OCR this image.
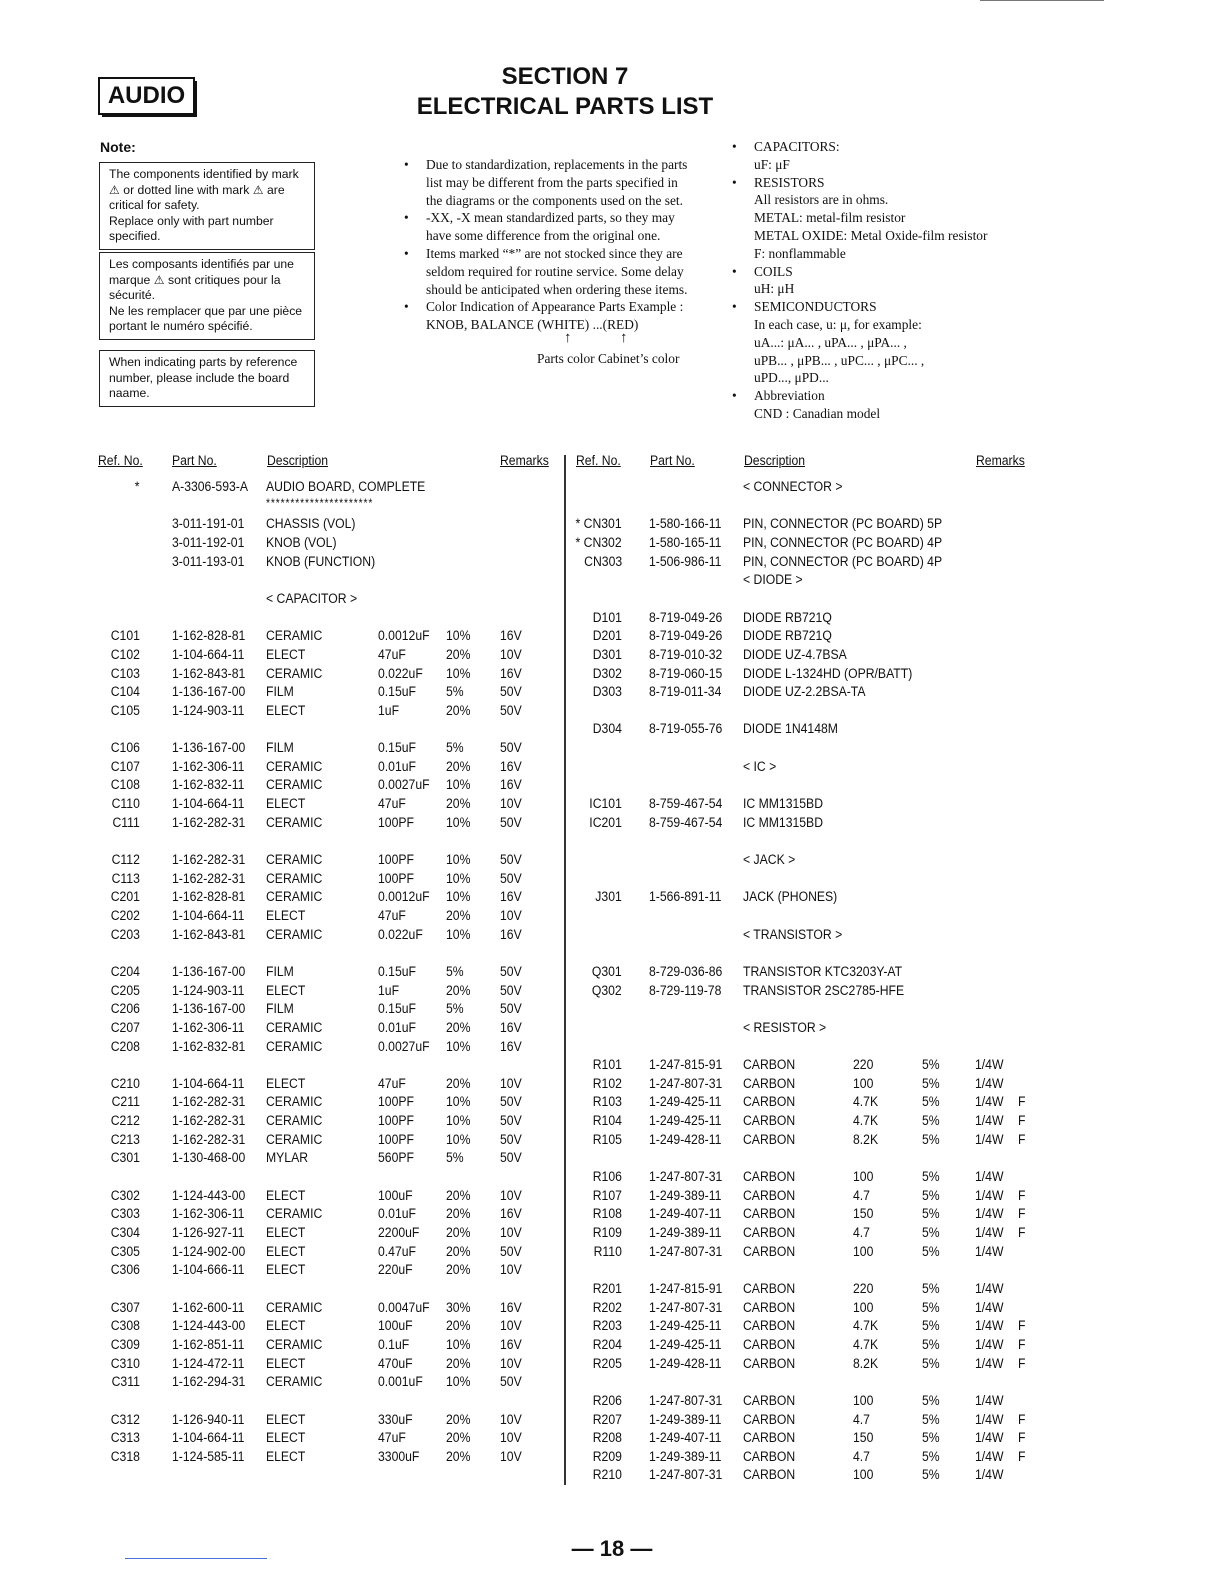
AUDIO
SECTION 7
ELECTRICAL PARTS LIST
Note:
The components identified by mark
⚠ or dotted line with mark ⚠ are
critical for safety.
Replace only with part number
specified.
Les composants identifiés par une
marque ⚠ sont critiques pour la
sécurité.
Ne les remplacer que par une pièce
portant le numéro spécifié.
When indicating parts by reference
number, please include the board
naame.
• Due to standardization, replacements in the parts
list may be different from the parts specified in
the diagrams or the components used on the set.
• -XX, -X mean standardized parts, so they may
have some difference from the original one.
• Items marked “*” are not stocked since they are
seldom required for routine service. Some delay
should be anticipated when ordering these items.
• Color Indication of Appearance Parts Example :
KNOB, BALANCE (WHITE) ...(RED)
↑	↑
Parts color Cabinet’s color
• CAPACITORS:
uF: μF
• RESISTORS
All resistors are in ohms.
METAL: metal-film resistor
METAL OXIDE: Metal Oxide-film resistor
F: nonflammable
• COILS
uH: μH
• SEMICONDUCTORS
In each case, u: μ, for example:
uA...: μA... , uPA... , μPA... ,
uPB... , μPB... , uPC... , μPC... ,
uPD..., μPD...
• Abbreviation
CND : Canadian model
Ref. No. Part No.	Description	Remarks Ref. No. Part No.	Description	Remarks
* A-3306-593-A AUDIO BOARD, COMPLETE
**********************
3-011-191-01 CHASSIS (VOL)
3-011-192-01 KNOB (VOL)
3-011-193-01 KNOB (FUNCTION)
< CAPACITOR >
C101 1-162-828-81 CERAMIC	0.0012uF 10% 16V
C102 1-104-664-11 ELECT	47uF	20% 10V
C103 1-162-843-81 CERAMIC	0.022uF 10% 16V
C104 1-136-167-00 FILM	0.15uF 5%	50V
C105 1-124-903-11 ELECT	1uF	20% 50V
C106 1-136-167-00 FILM	0.15uF 5%	50V
C107 1-162-306-11 CERAMIC	0.01uF 20% 16V
C108 1-162-832-11 CERAMIC	0.0027uF 10% 16V
C110 1-104-664-11 ELECT	47uF	20% 10V
C111 1-162-282-31 CERAMIC	100PF 10% 50V
C112 1-162-282-31 CERAMIC	100PF 10% 50V
C113 1-162-282-31 CERAMIC	100PF 10% 50V
C201 1-162-828-81 CERAMIC	0.0012uF 10% 16V
C202 1-104-664-11 ELECT	47uF	20% 10V
C203 1-162-843-81 CERAMIC	0.022uF 10% 16V
C204 1-136-167-00 FILM	0.15uF 5%	50V
C205 1-124-903-11 ELECT	1uF	20% 50V
C206 1-136-167-00 FILM	0.15uF 5%	50V
C207 1-162-306-11 CERAMIC	0.01uF 20% 16V
C208 1-162-832-81 CERAMIC	0.0027uF 10% 16V
C210 1-104-664-11 ELECT	47uF	20% 10V
C211 1-162-282-31 CERAMIC	100PF 10% 50V
C212 1-162-282-31 CERAMIC	100PF 10% 50V
C213 1-162-282-31 CERAMIC	100PF 10% 50V
C301 1-130-468-00 MYLAR	560PF 5%	50V
C302 1-124-443-00 ELECT	100uF 20% 10V
C303 1-162-306-11 CERAMIC	0.01uF 20% 16V
C304 1-126-927-11 ELECT	2200uF 20% 10V
C305 1-124-902-00 ELECT	0.47uF 20% 50V
C306 1-104-666-11 ELECT	220uF 20% 10V
C307 1-162-600-11 CERAMIC	0.0047uF 30% 16V
C308 1-124-443-00 ELECT	100uF 20% 10V
C309 1-162-851-11 CERAMIC	0.1uF	10% 16V
C310 1-124-472-11 ELECT	470uF 20% 10V
C311 1-162-294-31 CERAMIC	0.001uF 10% 50V
C312 1-126-940-11 ELECT	330uF 20% 10V
C313 1-104-664-11 ELECT	47uF	20% 10V
C318 1-124-585-11 ELECT	3300uF 20% 10V
< CONNECTOR >
* CN301 1-580-166-11 PIN, CONNECTOR (PC BOARD) 5P
* CN302 1-580-165-11 PIN, CONNECTOR (PC BOARD) 4P
CN303 1-506-986-11 PIN, CONNECTOR (PC BOARD) 4P
< DIODE >
D101 8-719-049-26 DIODE RB721Q
D201 8-719-049-26 DIODE RB721Q
D301 8-719-010-32 DIODE UZ-4.7BSA
D302 8-719-060-15 DIODE L-1324HD (OPR/BATT)
D303 8-719-011-34 DIODE UZ-2.2BSA-TA
D304 8-719-055-76 DIODE 1N4148M
< IC >
IC101 8-759-467-54 IC MM1315BD
IC201 8-759-467-54 IC MM1315BD
< JACK >
J301 1-566-891-11 JACK (PHONES)
< TRANSISTOR >
Q301 8-729-036-86 TRANSISTOR KTC3203Y-AT
Q302 8-729-119-78 TRANSISTOR 2SC2785-HFE
< RESISTOR >
R101 1-247-815-91 CARBON	220	5% 1/4W
R102 1-247-807-31 CARBON	100	5% 1/4W
R103 1-249-425-11 CARBON	4.7K	5% 1/4W F
R104 1-249-425-11 CARBON	4.7K	5% 1/4W F
R105 1-249-428-11 CARBON	8.2K	5% 1/4W F
R106 1-247-807-31 CARBON	100	5% 1/4W
R107 1-249-389-11 CARBON	4.7	5% 1/4W F
R108 1-249-407-11 CARBON	150	5% 1/4W F
R109 1-249-389-11 CARBON	4.7	5% 1/4W F
R110 1-247-807-31 CARBON	100	5% 1/4W
R201 1-247-815-91 CARBON	220	5% 1/4W
R202 1-247-807-31 CARBON	100	5% 1/4W
R203 1-249-425-11 CARBON	4.7K	5% 1/4W F
R204 1-249-425-11 CARBON	4.7K	5% 1/4W F
R205 1-249-428-11 CARBON	8.2K	5% 1/4W F
R206 1-247-807-31 CARBON	100	5% 1/4W
R207 1-249-389-11 CARBON	4.7	5% 1/4W F
R208 1-249-407-11 CARBON	150	5% 1/4W F
R209 1-249-389-11 CARBON	4.7	5% 1/4W F
R210 1-247-807-31 CARBON	100	5% 1/4W
— 18 —
